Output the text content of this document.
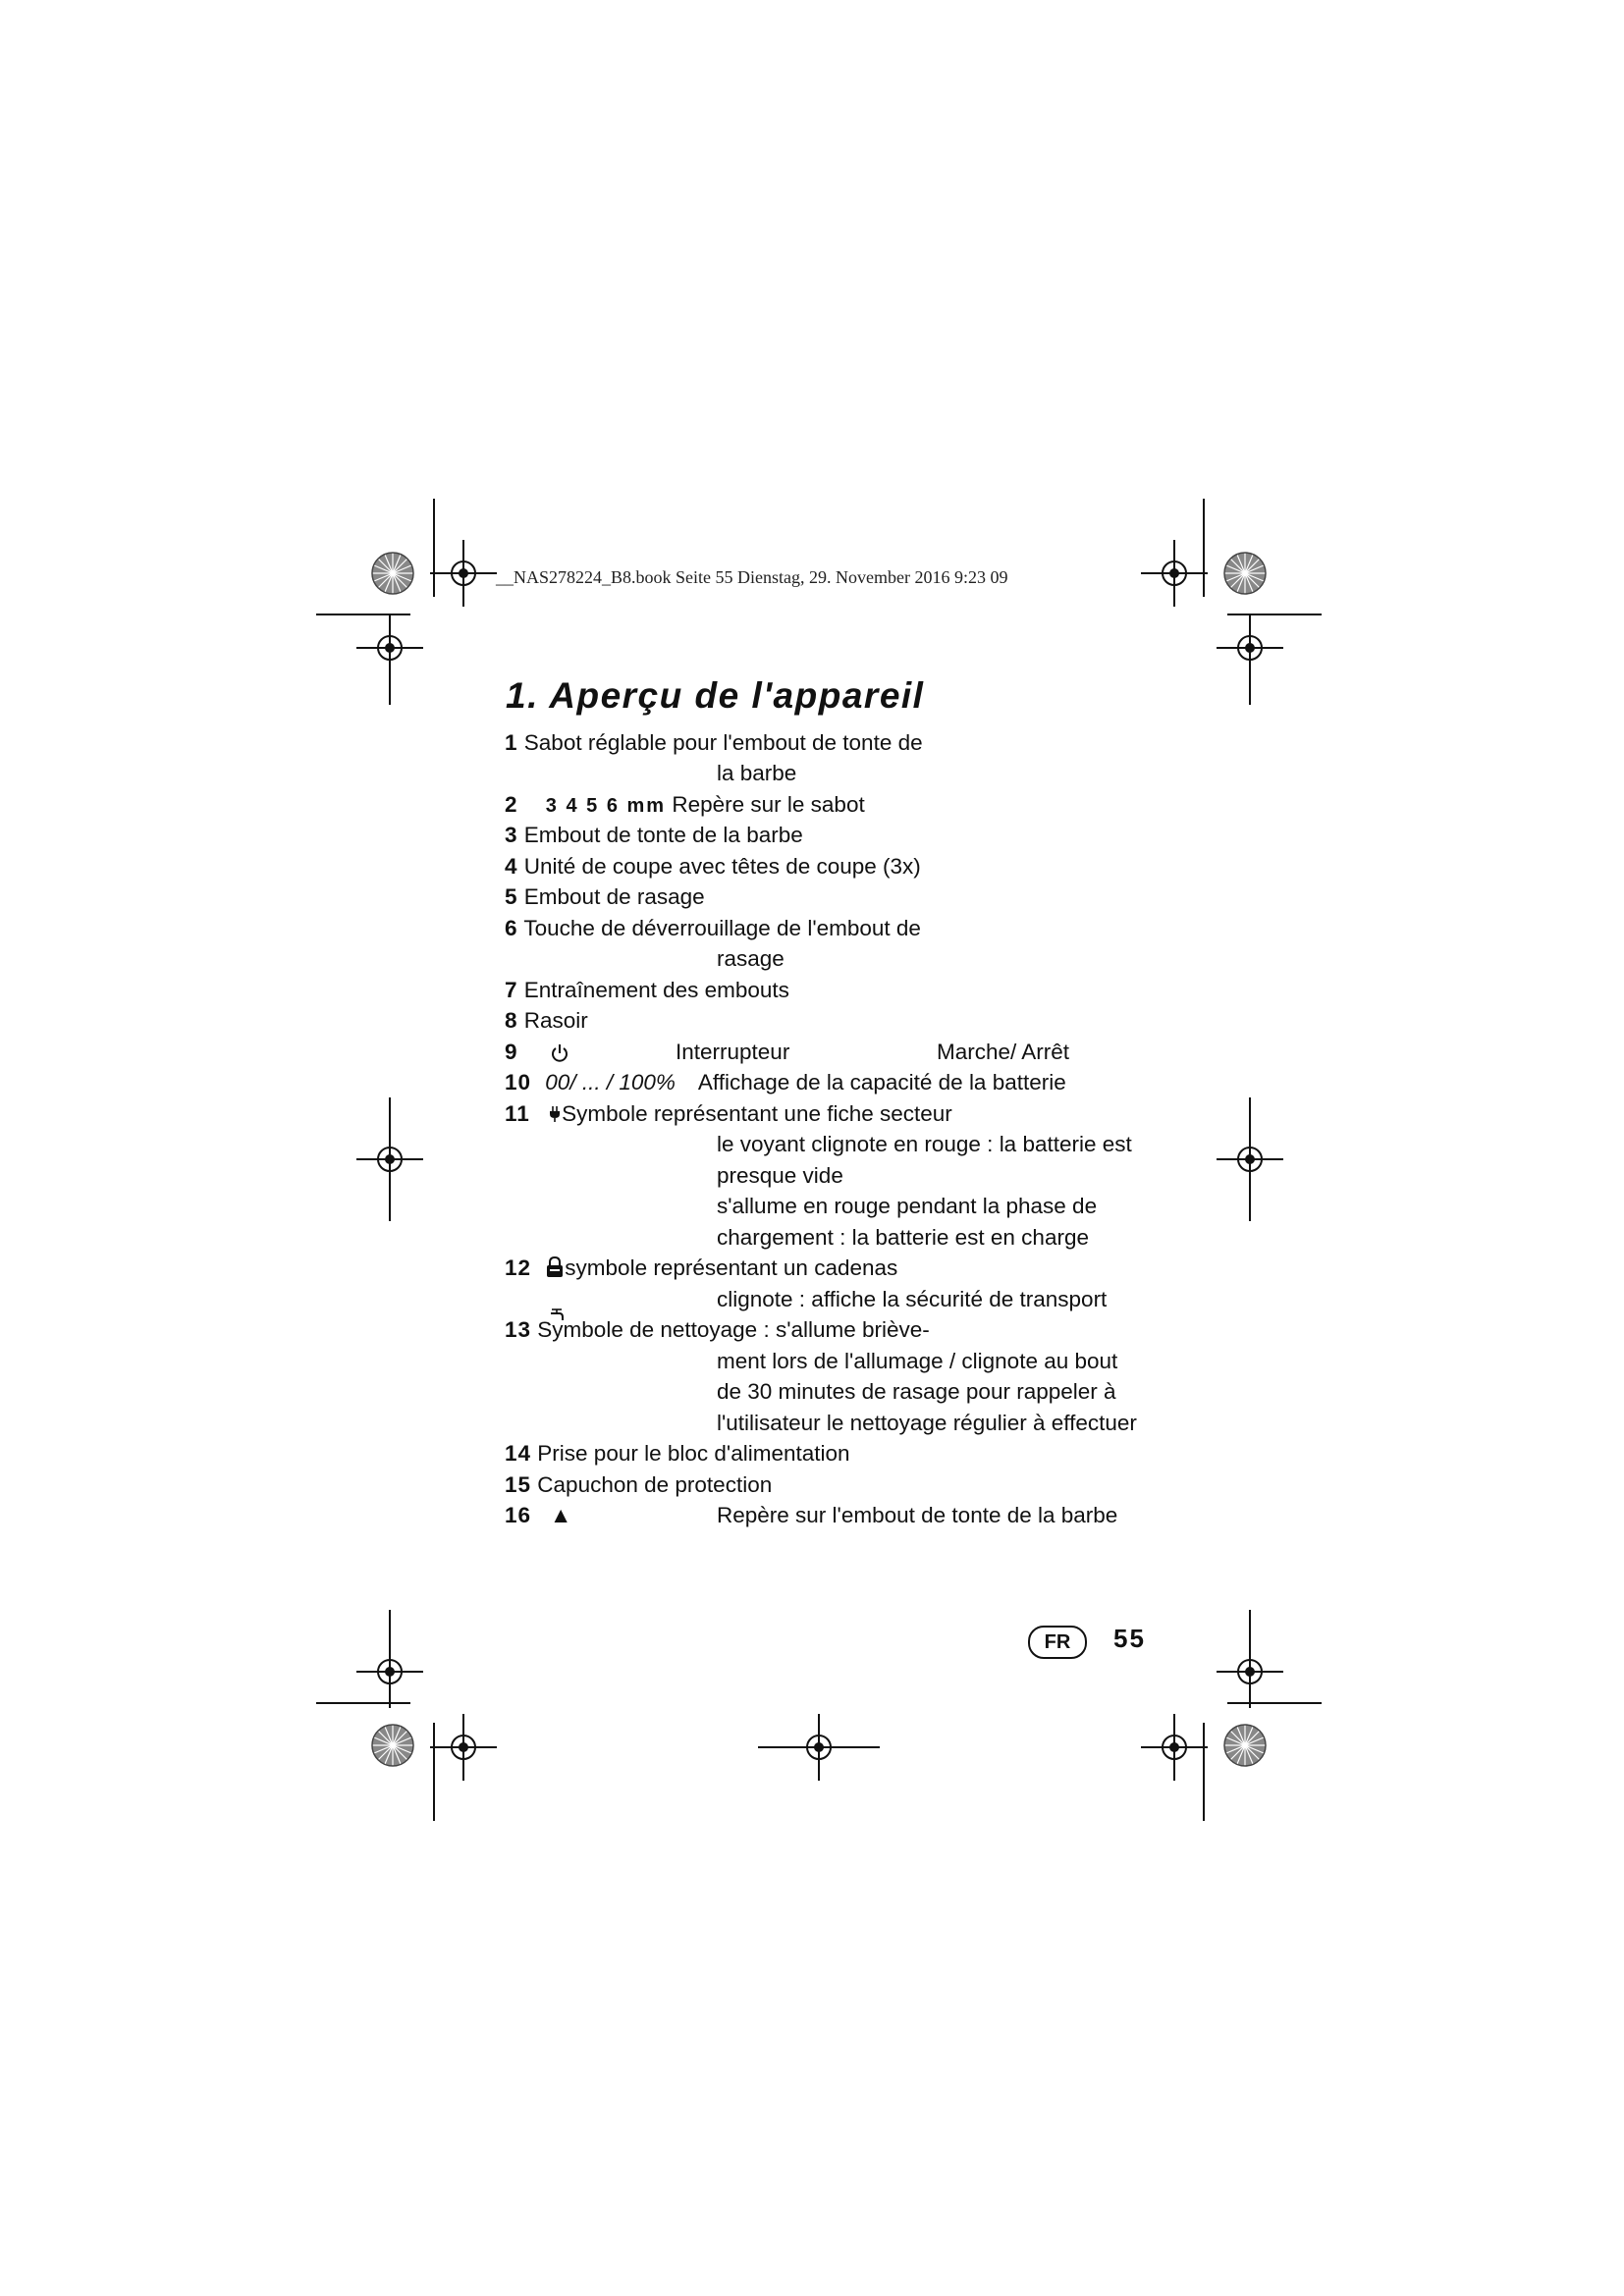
__NAS278224_B8.book Seite 55 Dienstag, 29. November 2016 9:23 09
1. Aperçu de l'appareil
1 Sabot réglable pour l'embout de tonte de
la barbe
2 3 4 5 6 mm Repère sur le sabot
3 Embout de tonte de la barbe
4 Unité de coupe avec têtes de coupe (3x)
5 Embout de rasage
6 Touche de déverrouillage de l'embout de
rasage
7 Entraînement des embouts
8 Rasoir
9	Interrupteur	Marche/ Arrêt
10 00/ ... / 100% Affichage de la capacité de la batterie
11 Symbole représentant une fiche secteur
le voyant clignote en rouge : la batterie est
presque vide
s'allume en rouge pendant la phase de
chargement : la batterie est en charge
12 symbole représentant un cadenas
clignote : affiche la sécurité de transport
13 Symbole de nettoyage : s'allume briève-
ment lors de l'allumage / clignote au bout
de 30 minutes de rasage pour rappeler à
l'utilisateur le nettoyage régulier à effectuer
14 Prise pour le bloc d'alimentation
15 Capuchon de protection
16 ▲	Repère sur l'embout de tonte de la barbe
FR	55
